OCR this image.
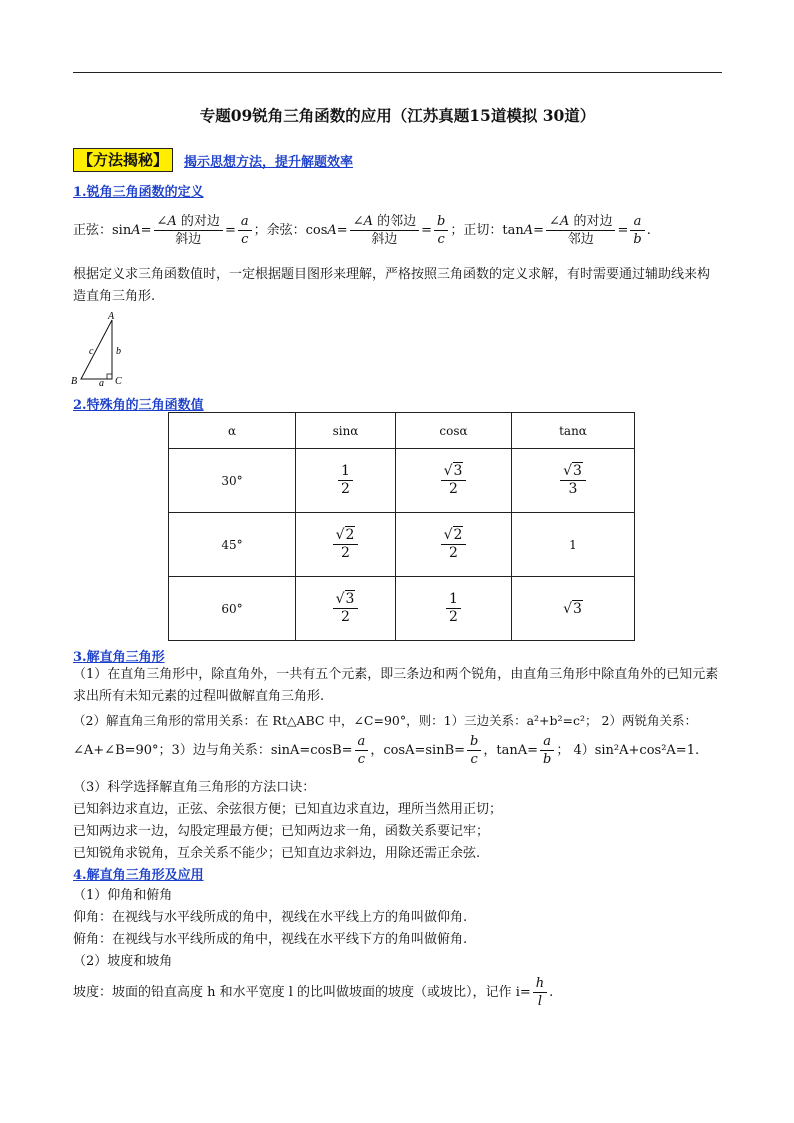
专题09锐角三角函数的应用（江苏真题15道模拟 30道）
【方法揭秘】	揭示思想方法，提升解题效率
1.锐角三角函数的定义
正弦：$\sin A= \frac{\text{∠A 的对边}}{\text{斜边}} = \frac{a}{c}$ ；余弦：$\cos A= \frac{\text{∠A 的邻边}}{\text{斜边}} = \frac{b}{c}$ ；正切：$\tan A= \frac{\text{∠A 的对边}}{\text{邻边}} = \frac{a}{b}$ .
根据定义求三角函数值时，一定根据题目图形来理解，严格按照三角函数的定义求解，有时需要通过辅助线来构造直角三角形.
A
B	C
a
b
c
2.特殊角的三角函数值
α	sinα	cosα	tanα
30°	$\frac{1}{2}$	$\frac{√3}{2}$	$\frac{√3}{3}$

45°	$\frac{√2}{2}$	$\frac{√2}{2}$	1
60°	$\frac{√3}{2}$	$\frac{1}{2}$	√3
3.解直角三角形
（1）在直角三角形中，除直角外，一共有五个元素，即三条边和两个锐角，由直角三角形中除直角外的已知元素求出所有未知元素的过程叫做解直角三角形.
（2）解直角三角形的常用关系：在 Rt△ABC 中，∠C=90°，则：1）三边关系：a²+b²=c²； 2）两锐角关系：
∠A+∠B=90°；3）边与角关系：$\sin A=\cos B= \frac{a}{c}$ ，$\cos A=\sin B= \frac{b}{c}$ ，$\tan A= \frac{a}{b}$ ； 4）sin²A+cos²A=1.
（3）科学选择解直角三角形的方法口诀：
已知斜边求直边，正弦、余弦很方便；已知直边求直边，理所当然用正切；
已知两边求一边，勾股定理最方便；已知两边求一角，函数关系要记牢；
已知锐角求锐角，互余关系不能少；已知直边求斜边，用除还需正余弦.
4.解直角三角形及应用
（1）仰角和俯角
仰角：在视线与水平线所成的角中，视线在水平线上方的角叫做仰角.
俯角：在视线与水平线所成的角中，视线在水平线下方的角叫做俯角.
（2）坡度和坡角
坡度：坡面的铅直高度 h 和水平宽度 l 的比叫做坡面的坡度（或坡比），记作 $i= \frac{h}{l}$ .
